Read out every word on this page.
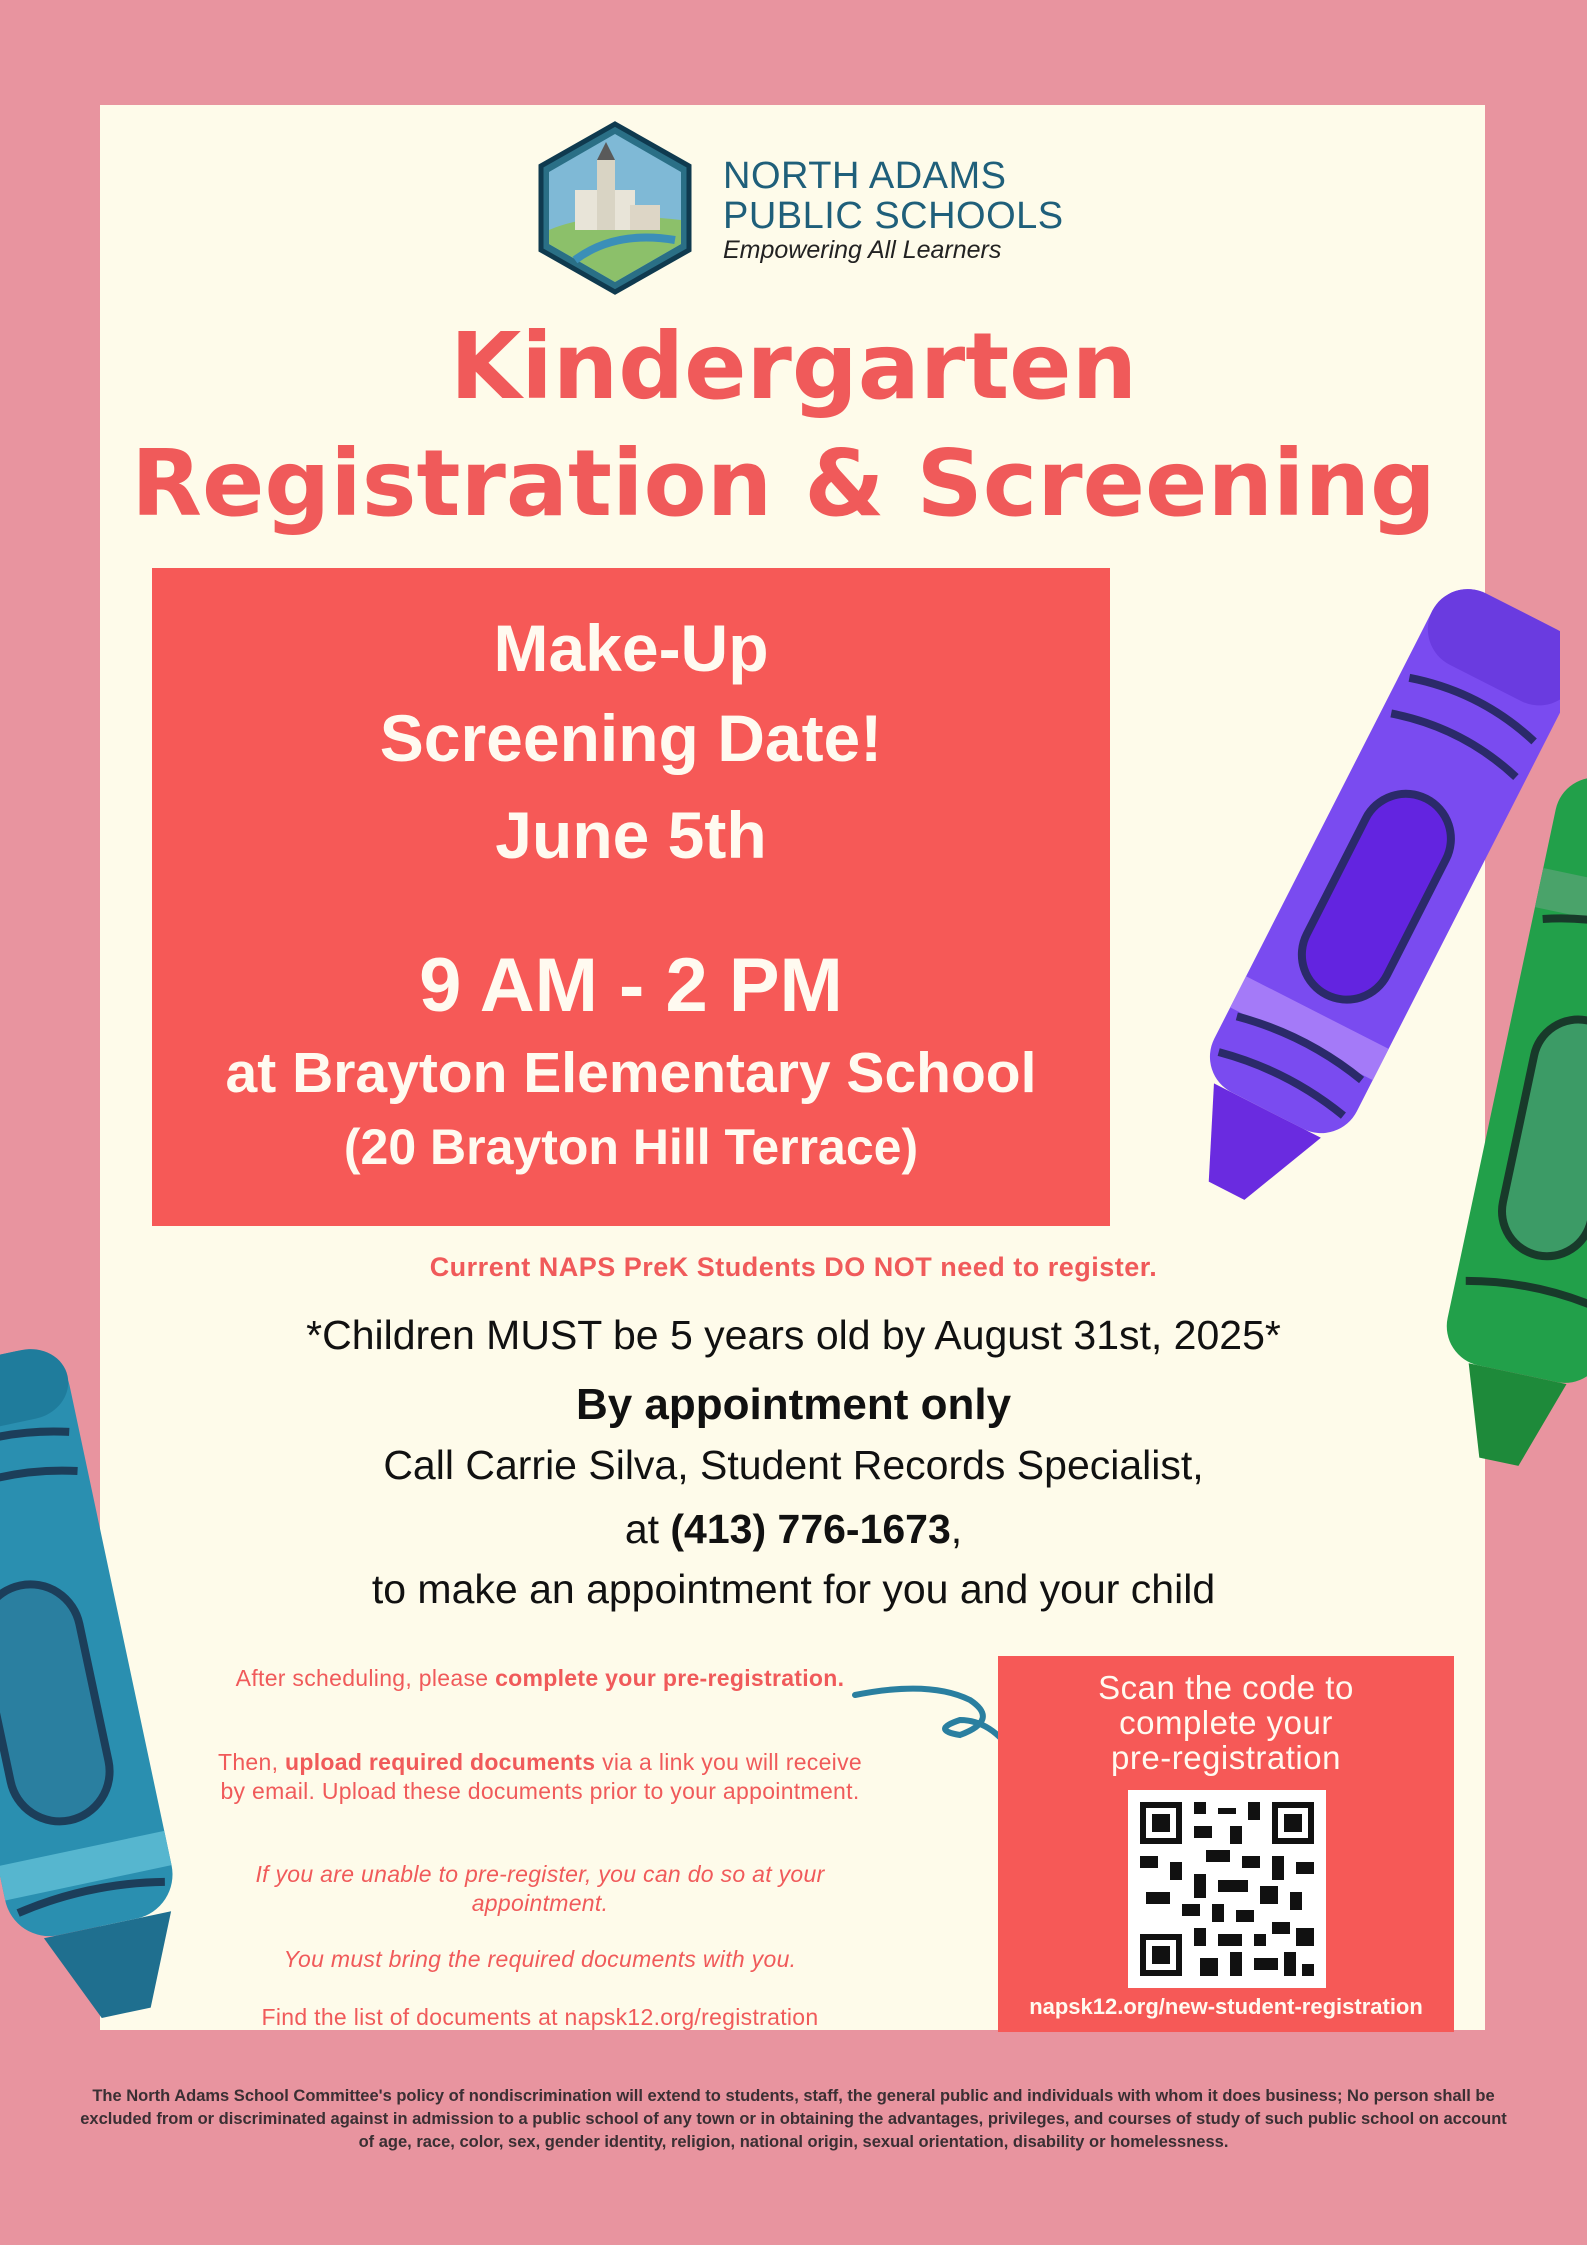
NORTH ADAMS
PUBLIC SCHOOLS
Empowering All Learners
Kindergarten
Registration & Screening
Make-Up
Screening Date!
June 5th
9 AM - 2 PM
at Brayton Elementary School
(20 Brayton Hill Terrace)
Current NAPS PreK Students DO NOT need to register.
*Children MUST be 5 years old by August 31st, 2025*
By appointment only
Call Carrie Silva, Student Records Specialist,
at (413) 776-1673,
to make an appointment for you and your child
After scheduling, please complete your pre-registration.
Then, upload required documents via a link you will receive by email. Upload these documents prior to your appointment.
If you are unable to pre-register, you can do so at your appointment.
You must bring the required documents with you.
Find the list of documents at napsk12.org/registration
Scan the code to
complete your
pre-registration
napsk12.org/new-student-registration
The North Adams School Committee's policy of nondiscrimination will extend to students, staff, the general public and individuals with whom it does business; No person shall be excluded from or discriminated against in admission to a public school of any town or in obtaining the advantages, privileges, and courses of study of such public school on account of age, race, color, sex, gender identity, religion, national origin, sexual orientation, disability or homelessness.
